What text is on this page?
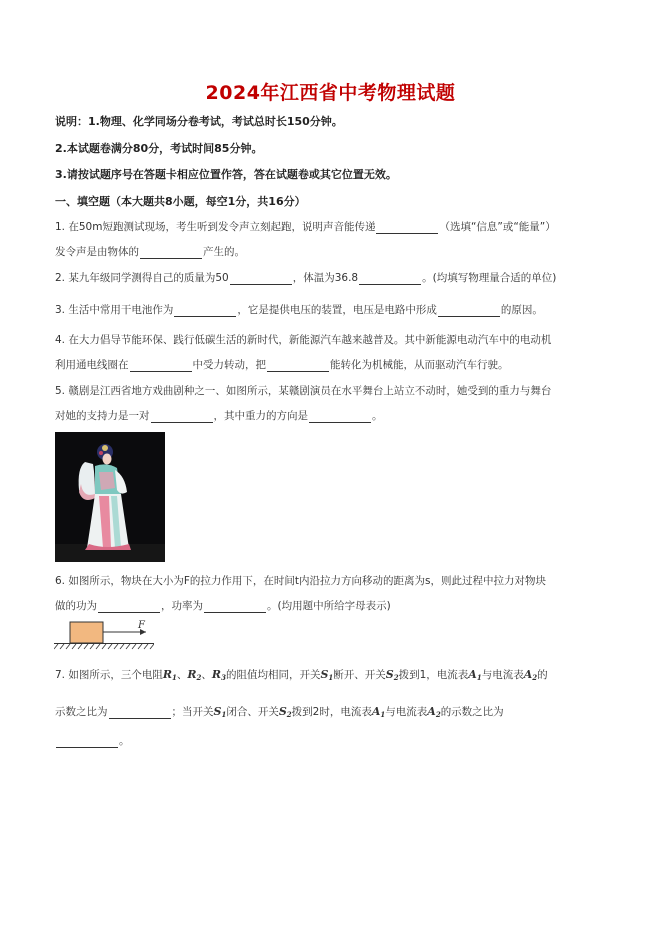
2024年江西省中考物理试题
说明：1.物理、化学同场分卷考试，考试总时长150分钟。
2.本试题卷满分80分，考试时间85分钟。
3.请按试题序号在答题卡相应位置作答，答在试题卷或其它位置无效。
一、填空题（本大题共8小题，每空1分，共16分）
1. 在50m短跑测试现场，考生听到发令声立刻起跑，说明声音能传递	（选填“信息”或“能量”）
发令声是由物体的	产生的。
2. 某九年级同学测得自己的质量为50	，体温为36.8	。(均填写物理量合适的单位)
3. 生活中常用干电池作为	，它是提供电压的装置，电压是电路中形成	的原因。
4. 在大力倡导节能环保、践行低碳生活的新时代，新能源汽车越来越普及。其中新能源电动汽车中的电动机
利用通电线圈在	中受力转动，把	能转化为机械能，从而驱动汽车行驶。
5. 赣剧是江西省地方戏曲剧种之一、如图所示，某赣剧演员在水平舞台上站立不动时，她受到的重力与舞台
对她的支持力是一对	，其中重力的方向是	。
6. 如图所示，物块在大小为F的拉力作用下，在时间t内沿拉力方向移动的距离为s，则此过程中拉力对物块
做的功为	，功率为	。(均用题中所给字母表示)
F
7. 如图所示，三个电阻$R_1$、$R_2$、$R_3$的阻值均相同，开关$S_1$断开、开关$S_2$拨到1，电流表$A_1$与电流表$A_2$的
示数之比为	；当开关$S_1$闭合、开关$S_2$拨到2时，电流表$A_1$与电流表$A_2$的示数之比为
。
